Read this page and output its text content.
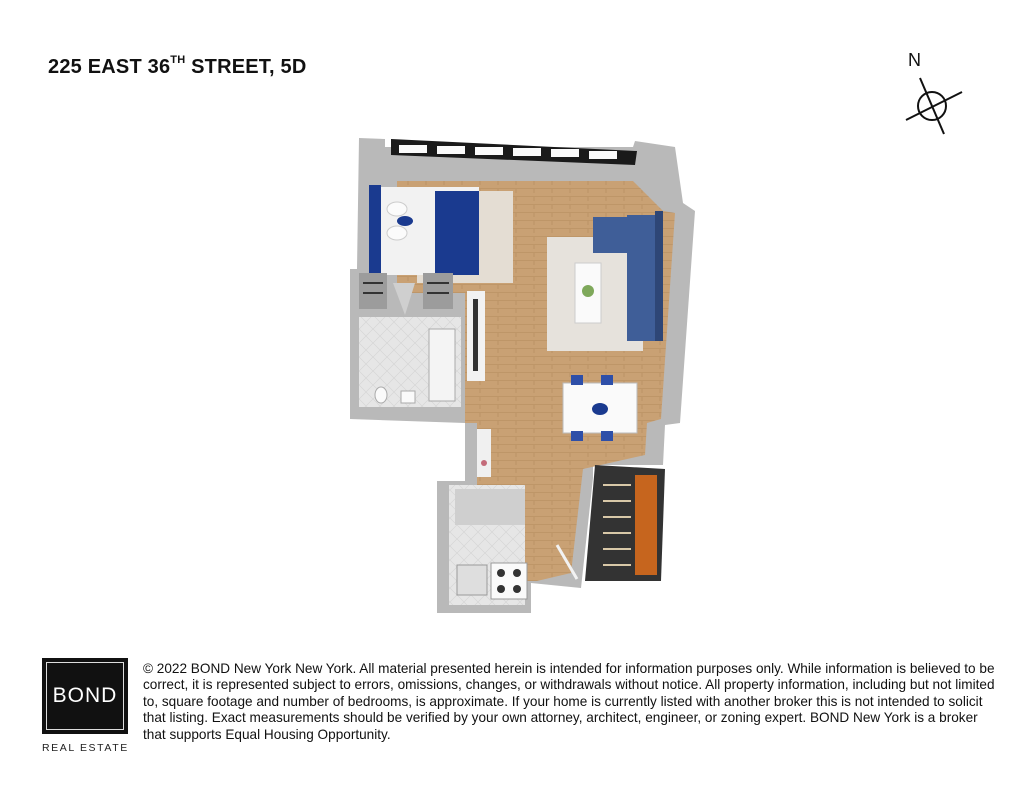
225 EAST 36TH STREET, 5D	N
BOND
REAL ESTATE
© 2022 BOND New York New York. All material presented herein is intended for information purposes only. While information is believed to be correct, it is represented subject to errors, omissions, changes, or withdrawals without notice. All property information, including but not limited to, square footage and number of bedrooms, is approximate. If your home is currently listed with another broker this is not intended to solicit that listing. Exact measurements should be verified by your own attorney, architect, engineer, or zoning expert. BOND New York is a broker that supports Equal Housing Opportunity.
